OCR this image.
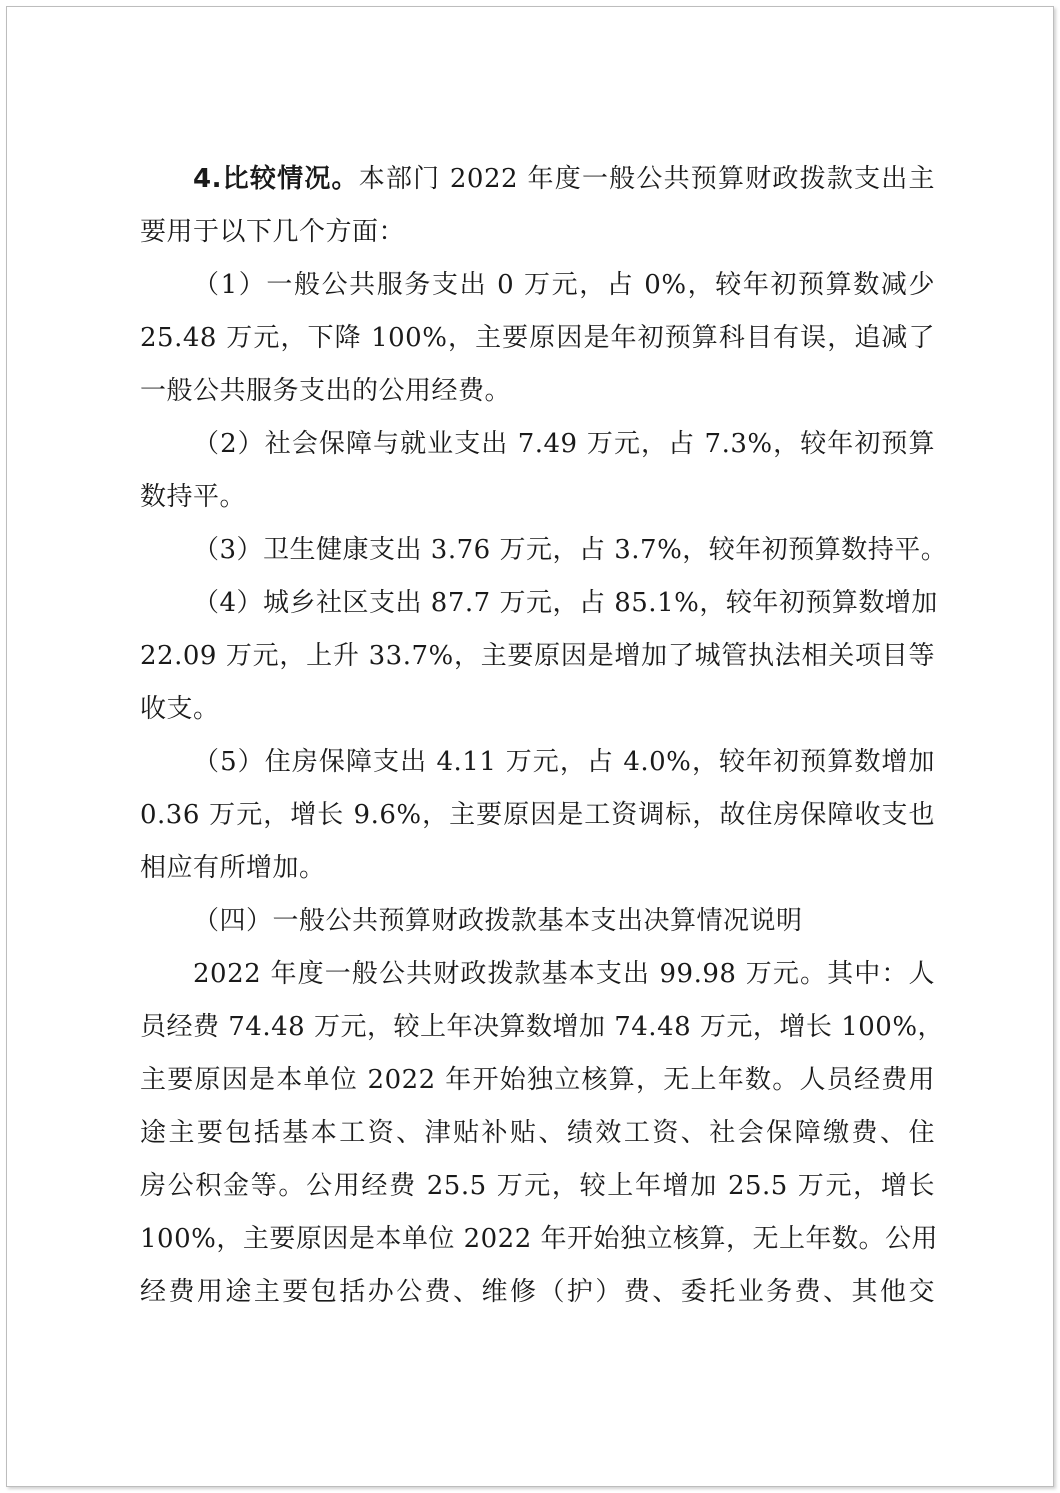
4.比较情况。本部门 2022 年度一般公共预算财政拨款支出主
要用于以下几个方面：
（1）一般公共服务支出 0 万元，占 0%，较年初预算数减少
25.48 万元，下降 100%，主要原因是年初预算科目有误，追减了
一般公共服务支出的公用经费。
（2）社会保障与就业支出 7.49 万元，占 7.3%，较年初预算
数持平。
（3）卫生健康支出 3.76 万元，占 3.7%，较年初预算数持平。
（4）城乡社区支出 87.7 万元，占 85.1%，较年初预算数增加
22.09 万元，上升 33.7%，主要原因是增加了城管执法相关项目等
收支。
（5）住房保障支出 4.11 万元，占 4.0%，较年初预算数增加
0.36 万元，增长 9.6%，主要原因是工资调标，故住房保障收支也
相应有所增加。
（四）一般公共预算财政拨款基本支出决算情况说明
2022 年度一般公共财政拨款基本支出 99.98 万元。其中：人
员经费 74.48 万元，较上年决算数增加 74.48 万元，增长 100%，
主要原因是本单位 2022 年开始独立核算，无上年数。人员经费用
途主要包括基本工资、津贴补贴、绩效工资、社会保障缴费、住
房公积金等。公用经费 25.5 万元，较上年增加 25.5 万元，增长
100%，主要原因是本单位 2022 年开始独立核算，无上年数。公用
经费用途主要包括办公费、维修（护）费、委托业务费、其他交
